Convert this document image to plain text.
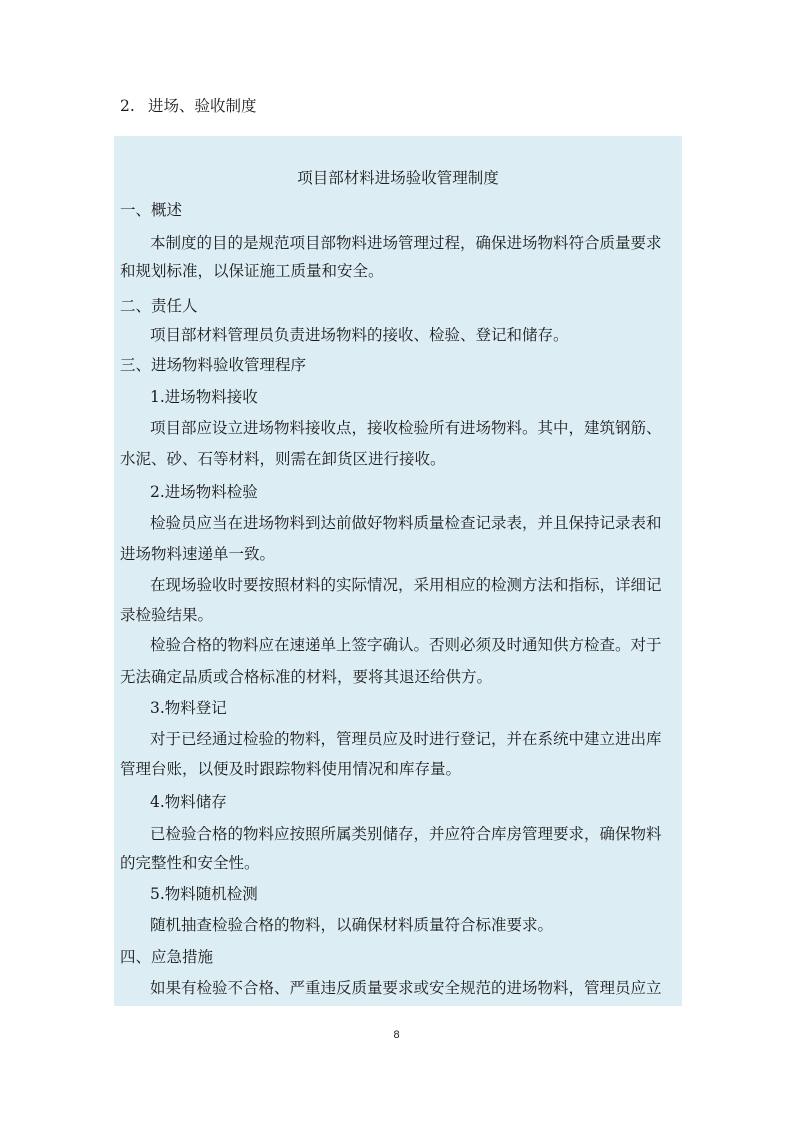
2. 进场、验收制度
项目部材料进场验收管理制度
一、概述
本制度的目的是规范项目部物料进场管理过程，确保进场物料符合质量要求
和规划标准，以保证施工质量和安全。
二、责任人
项目部材料管理员负责进场物料的接收、检验、登记和储存。
三、进场物料验收管理程序
1.进场物料接收
项目部应设立进场物料接收点，接收检验所有进场物料。其中，建筑钢筋、
水泥、砂、石等材料，则需在卸货区进行接收。
2.进场物料检验
检验员应当在进场物料到达前做好物料质量检查记录表，并且保持记录表和
进场物料速递单一致。
在现场验收时要按照材料的实际情况，采用相应的检测方法和指标，详细记
录检验结果。
检验合格的物料应在速递单上签字确认。否则必须及时通知供方检查。对于
无法确定品质或合格标准的材料，要将其退还给供方。
3.物料登记
对于已经通过检验的物料，管理员应及时进行登记，并在系统中建立进出库
管理台账，以便及时跟踪物料使用情况和库存量。
4.物料储存
已检验合格的物料应按照所属类别储存，并应符合库房管理要求，确保物料
的完整性和安全性。
5.物料随机检测
随机抽查检验合格的物料，以确保材料质量符合标准要求。
四、应急措施
如果有检验不合格、严重违反质量要求或安全规范的进场物料，管理员应立
8
